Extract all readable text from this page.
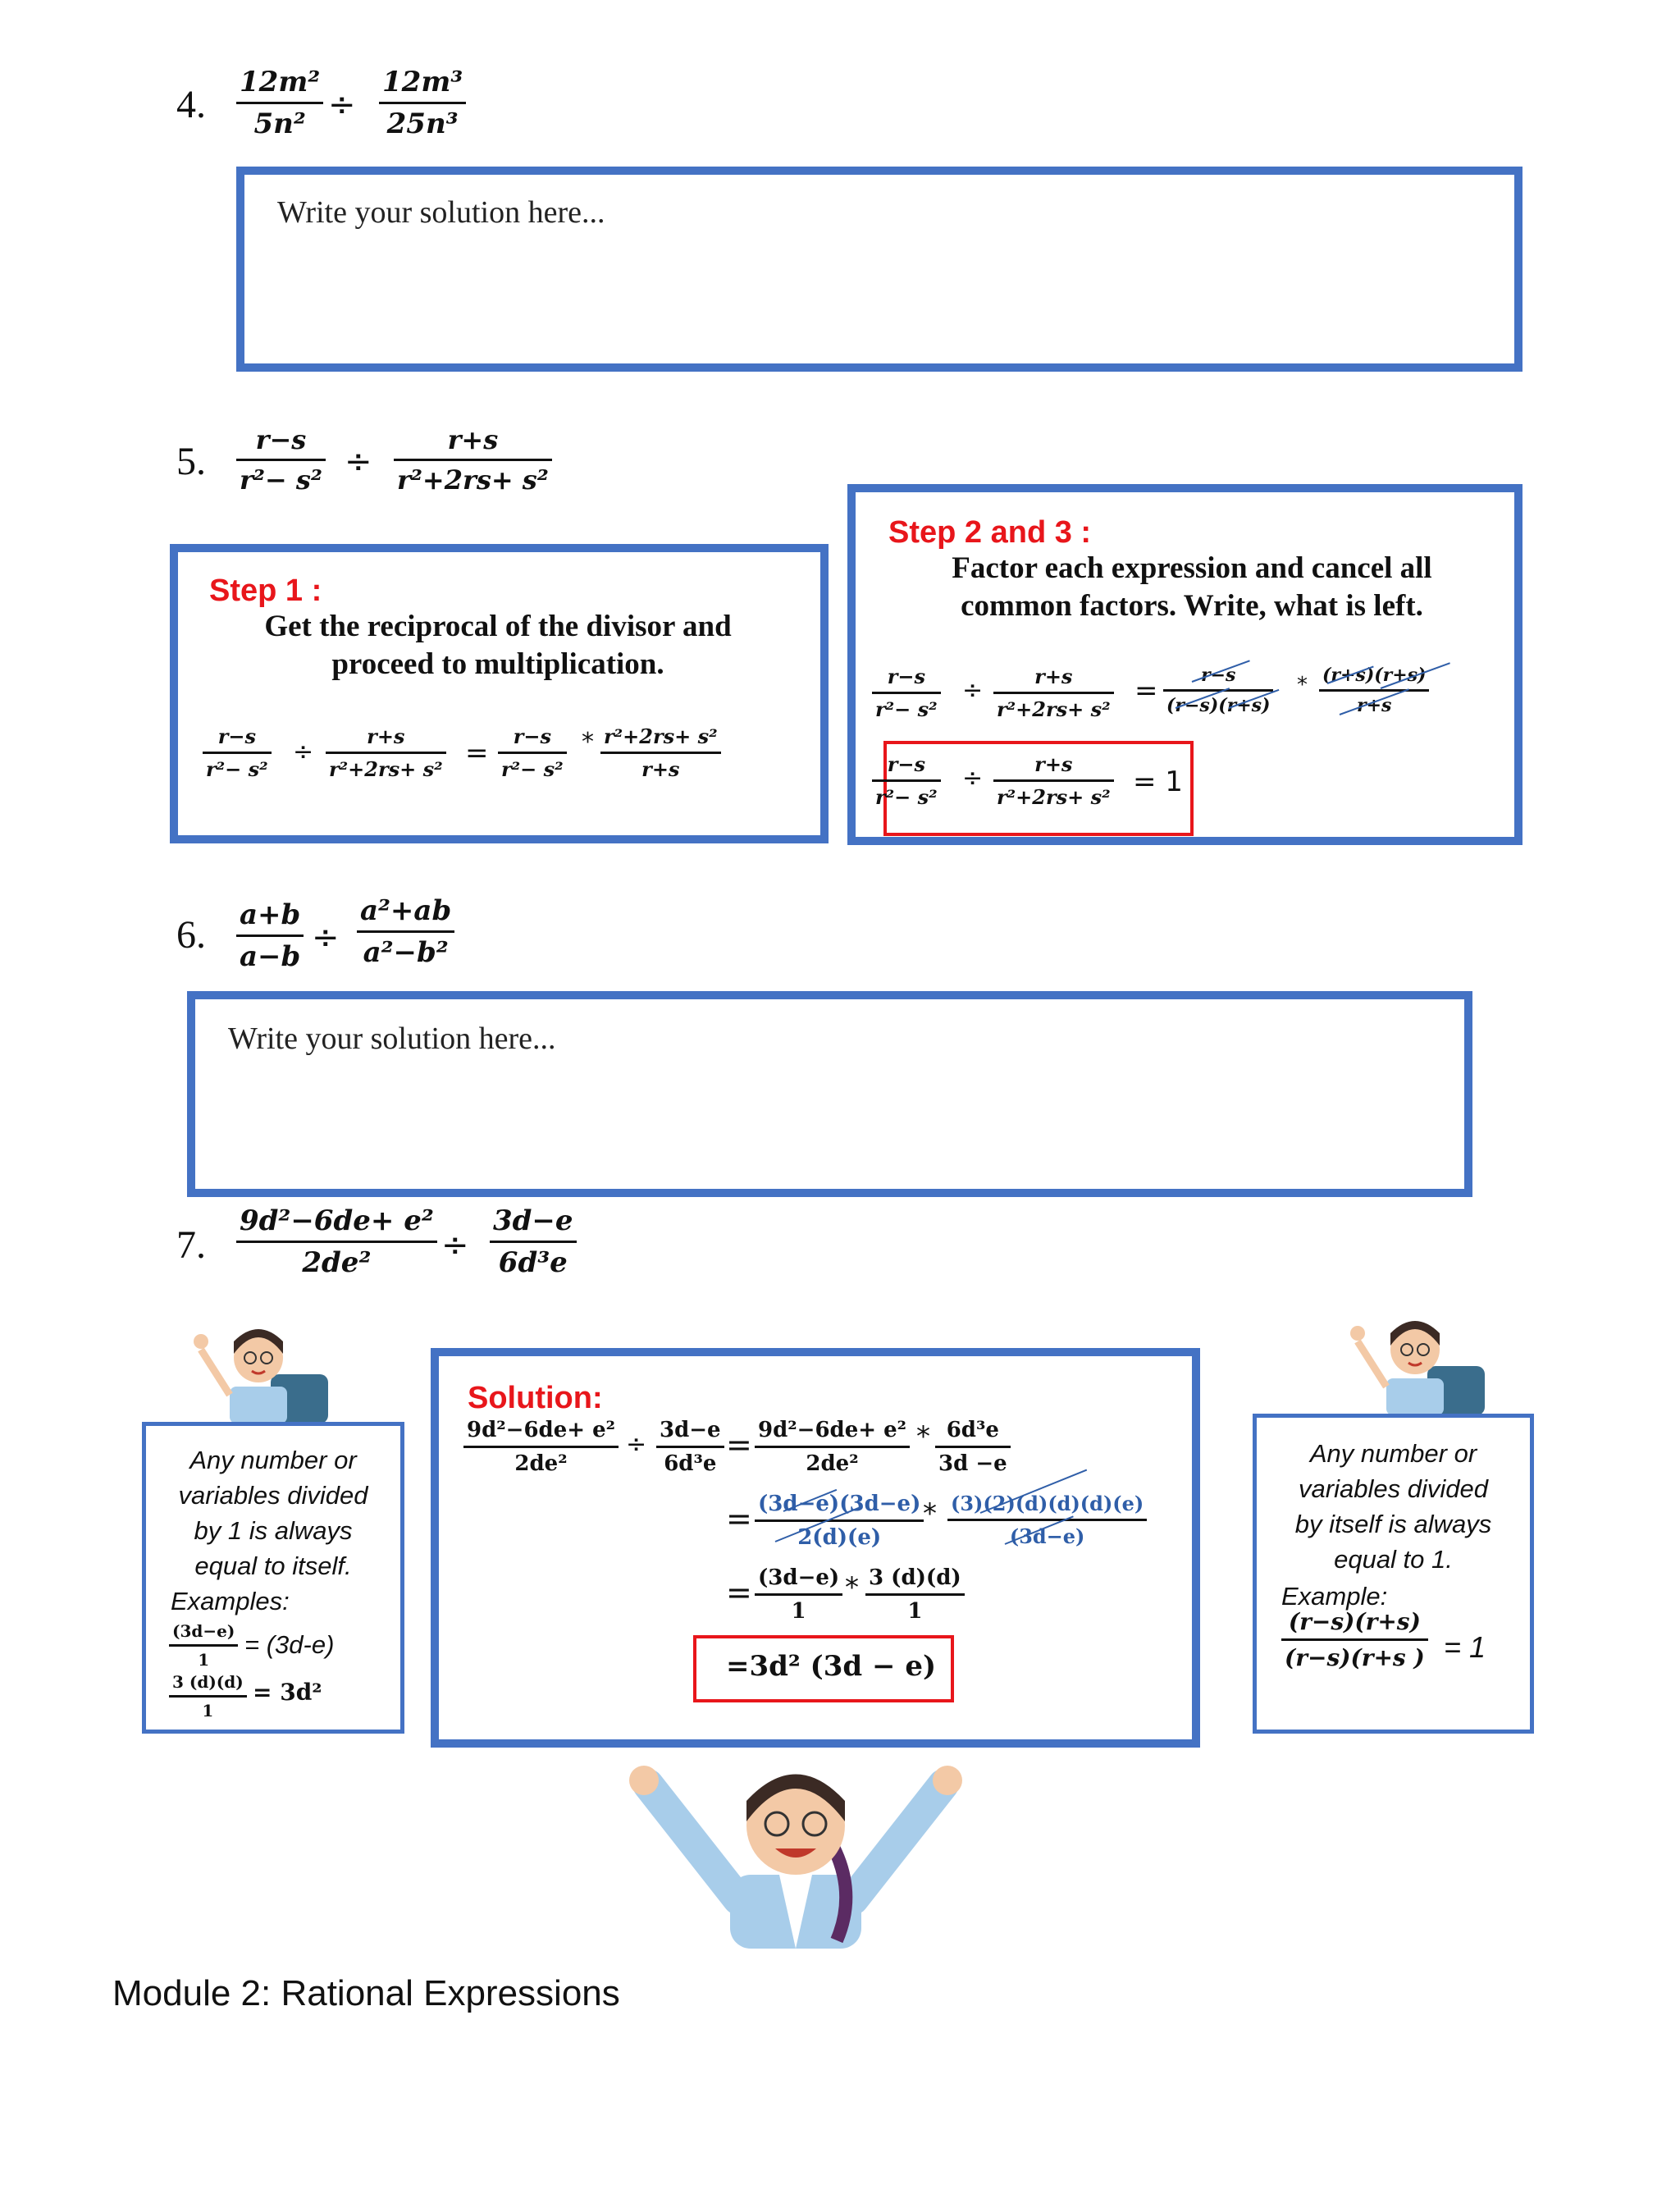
4. $\frac{\text{12m²}}{\text{5n²}} \div \frac{\text{12m³}}{\text{25n³}}$
Write your solution here...
5. $\frac{r-s}{\text{r²− s²}} \div \frac{r+s}{\text{r²+2rs+ s²}}$
Step 1 :
Get the reciprocal of the divisor and
proceed to multiplication.
$\frac{r-s}{\text{r²− s²}} \div \frac{r+s}{\text{r²+2rs+ s²}} = \frac{r-s}{\text{r²− s²}} * \frac{\text{r²+2rs+ s²}}{r+s}$
Step 2 and 3 :
Factor each expression and cancel all
common factors. Write, what is left.
$\frac{r-s}{\text{r²− s²}} \div \frac{r+s}{\text{r²+2rs+ s²}} = \frac{r-s}{(r-s)(r+s)} * \frac{(r+s)(r+s)}{r+s}$
$\frac{r-s}{\text{r²− s²}} \div \frac{r+s}{\text{r²+2rs+ s²}} = 1$
6. $\frac{a+b}{a-b} \div \frac{\text{a²+ab}}{\text{a²−b²}}$
Write your solution here...
7. $\frac{\text{9d²−6de+ e²}}{\text{2de²}} \div \frac{3d-e}{\text{6d³e}}$
Any number or
variables divided
by 1 is always
equal to itself.
Examples:
$\frac{(3d-e)}{1} = (3d-e)$
$\frac{3 (d)(d)}{1} = 3d^2$
Solution:
$\frac{\text{9d²−6de+ e²}}{\text{2de²}} \div \frac{3d-e}{\text{6d³e}} = \frac{\text{9d²−6de+ e²}}{\text{2de²}} * \frac{\text{6d³e}}{3d -e}$
= $\frac{(3d-e)(3d-e)}{2(d)(e)}$
* $\frac{(3)(2)(d)(d)(d)(e)}{(3d-e)}$
= $\frac{(3d-e)}{1} * \frac{3 (d)(d)}{1}$
=3d² (3d − e)
Any number or
variables divided
by itself is always
equal to 1.
Example:
$\frac{(r-s)(r+s)}{(r-s)(r+s )} = 1$
Module 2: Rational Expressions
